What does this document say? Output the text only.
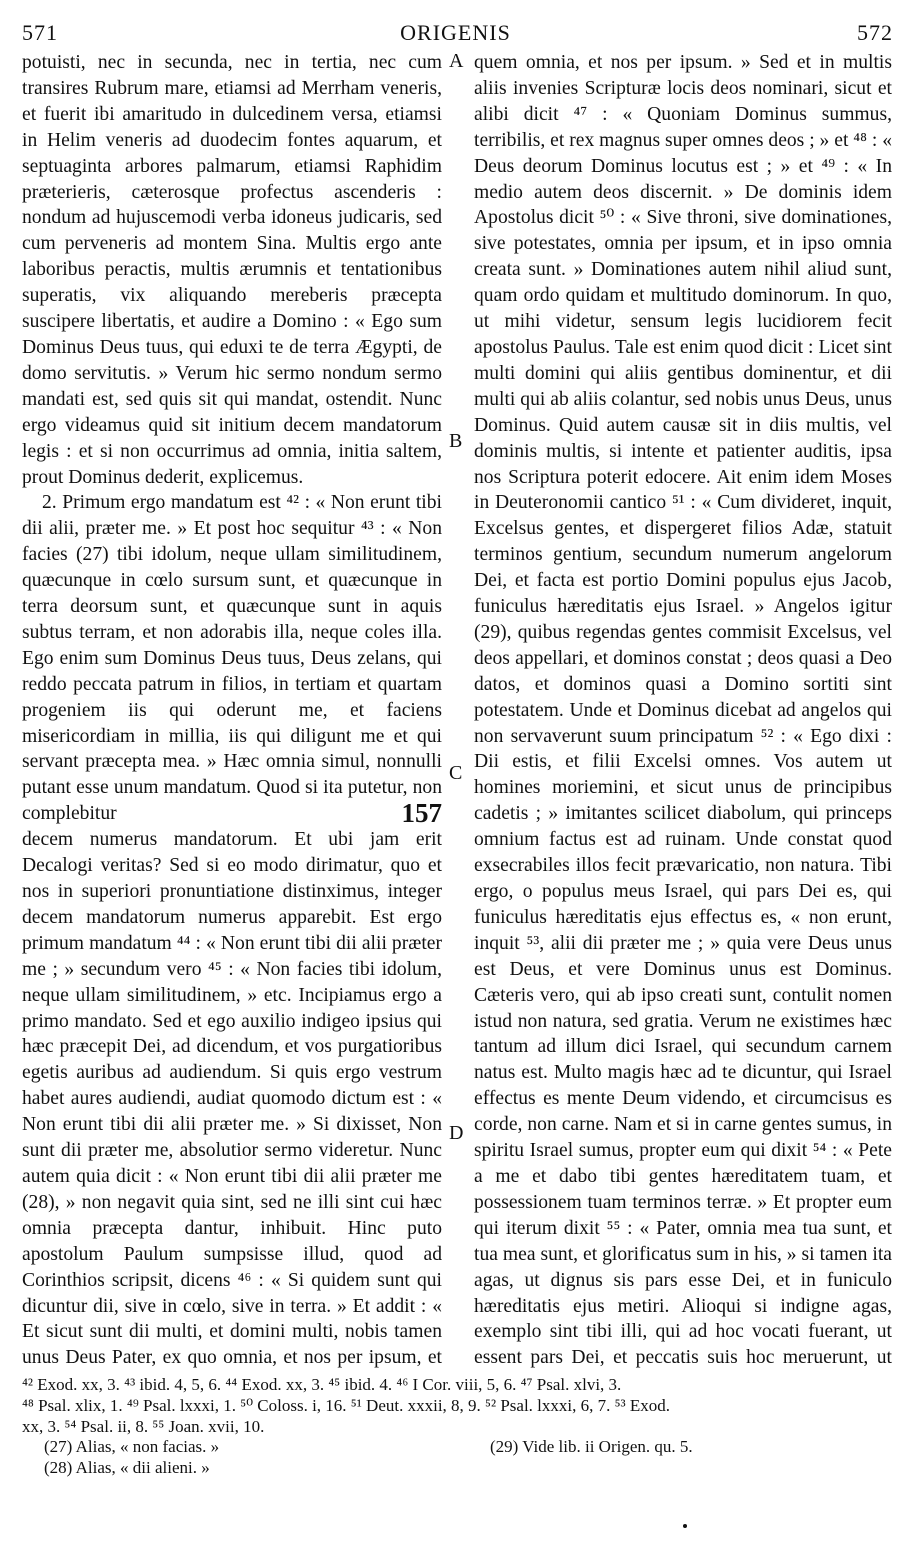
571	ORIGENIS	572

potuisti, nec in secunda, nec in tertia, nec cum transires Rubrum mare, etiamsi ad Merrham veneris, et fuerit ibi amaritudo in dulcedinem versa, etiamsi in Helim veneris ad duodecim fontes aquarum, et septuaginta arbores palmarum, etiamsi Raphidim præterieris, cæterosque profectus ascenderis : nondum ad hujuscemodi verba idoneus judicaris, sed cum perveneris ad montem Sina. Multis ergo ante laboribus peractis, multis ærumnis et tentationibus superatis, vix aliquando mereberis præcepta suscipere libertatis, et audire a Domino : « Ego sum Dominus Deus tuus, qui eduxi te de terra Ægypti, de domo servitutis. » Verum hic sermo nondum sermo mandati est, sed quis sit qui mandat, ostendit. Nunc ergo videamus quid sit initium decem mandatorum legis : et si non occurrimus ad omnia, initia saltem, prout Dominus dederit, explicemus.

2. Primum ergo mandatum est ⁴² : « Non erunt tibi dii alii, præter me. » Et post hoc sequitur ⁴³ : « Non facies (27) tibi idolum, neque ullam similitudinem, quæcunque in cœlo sursum sunt, et quæcunque in terra deorsum sunt, et quæcunque sunt in aquis subtus terram, et non adorabis illa, neque coles illa. Ego enim sum Dominus Deus tuus, Deus zelans, qui reddo peccata patrum in filios, in tertiam et quartam progeniem iis qui oderunt me, et faciens misericordiam in millia, iis qui diligunt me et qui servant præcepta mea. » Hæc omnia simul, nonnulli putant esse unum mandatum. Quod si ita putetur, non complebitur	157

decem numerus mandatorum. Et ubi jam erit Decalogi veritas? Sed si eo modo dirimatur, quo et nos in superiori pronuntiatione distinximus, integer decem mandatorum numerus apparebit. Est ergo primum mandatum ⁴⁴ : « Non erunt tibi dii alii præter me ; » secundum vero ⁴⁵ : « Non facies tibi idolum, neque ullam similitudinem, » etc. Incipiamus ergo a primo mandato. Sed et ego auxilio indigeo ipsius qui hæc præcepit Dei, ad dicendum, et vos purgatioribus egetis auribus ad audiendum. Si quis ergo vestrum habet aures audiendi, audiat quomodo dictum est : « Non erunt tibi dii alii præter me. » Si dixisset, Non sunt dii præter me, absolutior sermo videretur. Nunc autem quia dicit : « Non erunt tibi dii alii præter me (28), » non negavit quia sint, sed ne illi sint cui hæc omnia præcepta dantur, inhibuit. Hinc puto apostolum Paulum sumpsisse illud, quod ad Corinthios scripsit, dicens ⁴⁶ : « Si quidem sunt qui dicuntur dii, sive in cœlo, sive in terra. » Et addit : « Et sicut sunt dii multi, et domini multi, nobis tamen unus Deus Pater, ex quo omnia, et nos per ipsum, et

A
B
C
D

quem omnia, et nos per ipsum. » Sed et in multis aliis invenies Scripturæ locis deos nominari, sicut et alibi dicit ⁴⁷ : « Quoniam Dominus summus, terribilis, et rex magnus super omnes deos ; » et ⁴⁸ : « Deus deorum Dominus locutus est ; » et ⁴⁹ : « In medio autem deos discernit. » De dominis idem Apostolus dicit ⁵⁰ : « Sive throni, sive dominationes, sive potestates, omnia per ipsum, et in ipso omnia creata sunt. » Dominationes autem nihil aliud sunt, quam ordo quidam et multitudo dominorum. In quo, ut mihi videtur, sensum legis lucidiorem fecit apostolus Paulus. Tale est enim quod dicit : Licet sint multi domini qui aliis gentibus dominentur, et dii multi qui ab aliis colantur, sed nobis unus Deus, unus Dominus. Quid autem causæ sit in diis multis, vel dominis multis, si intente et patienter auditis, ipsa nos Scriptura poterit edocere. Ait enim idem Moses in Deuteronomii cantico ⁵¹ : « Cum divideret, inquit, Excelsus gentes, et dispergeret filios Adæ, statuit terminos gentium, secundum numerum angelorum Dei, et facta est portio Domini populus ejus Jacob, funiculus hæreditatis ejus Israel. » Angelos igitur (29), quibus regendas gentes commisit Excelsus, vel deos appellari, et dominos constat ; deos quasi a Deo datos, et dominos quasi a Domino sortiti sint potestatem. Unde et Dominus dicebat ad angelos qui non servaverunt suum principatum ⁵² : « Ego dixi : Dii estis, et filii Excelsi omnes. Vos autem ut homines moriemini, et sicut unus de principibus cadetis ; » imitantes scilicet diabolum, qui princeps omnium factus est ad ruinam. Unde constat quod exsecrabiles illos fecit prævaricatio, non natura. Tibi ergo, o populus meus Israel, qui pars Dei es, qui funiculus hæreditatis ejus effectus es, « non erunt, inquit ⁵³, alii dii præter me ; » quia vere Deus unus est Deus, et vere Dominus unus est Dominus. Cæteris vero, qui ab ipso creati sunt, contulit nomen istud non natura, sed gratia. Verum ne existimes hæc tantum ad illum dici Israel, qui secundum carnem natus est. Multo magis hæc ad te dicuntur, qui Israel effectus es mente Deum videndo, et circumcisus es corde, non carne. Nam et si in carne gentes sumus, in spiritu Israel sumus, propter eum qui dixit ⁵⁴ : « Pete a me et dabo tibi gentes hæreditatem tuam, et possessionem tuam terminos terræ. » Et propter eum qui iterum dixit ⁵⁵ : « Pater, omnia mea tua sunt, et tua mea sunt, et glorificatus sum in his, » si tamen ita agas, ut dignus sis pars esse Dei, et in funiculo hæreditatis ejus metiri. Alioqui si indigne agas, exemplo sint tibi illi, qui ad hoc vocati fuerant, ut essent pars Dei, et peccatis suis hoc meruerunt, ut

⁴² Exod. xx, 3. ⁴³ ibid. 4, 5, 6. ⁴⁴ Exod. xx, 3. ⁴⁵ ibid. 4. ⁴⁶ I Cor. viii, 5, 6. ⁴⁷ Psal. xlvi, 3.
⁴⁸ Psal. xlix, 1. ⁴⁹ Psal. lxxxi, 1. ⁵⁰ Coloss. i, 16. ⁵¹ Deut. xxxii, 8, 9. ⁵² Psal. lxxxi, 6, 7. ⁵³ Exod.
xx, 3. ⁵⁴ Psal. ii, 8. ⁵⁵ Joan. xvii, 10.
(27) Alias, « non facias. »
(28) Alias, « dii alieni. »
(29) Vide lib. ii Origen. qu. 5.
